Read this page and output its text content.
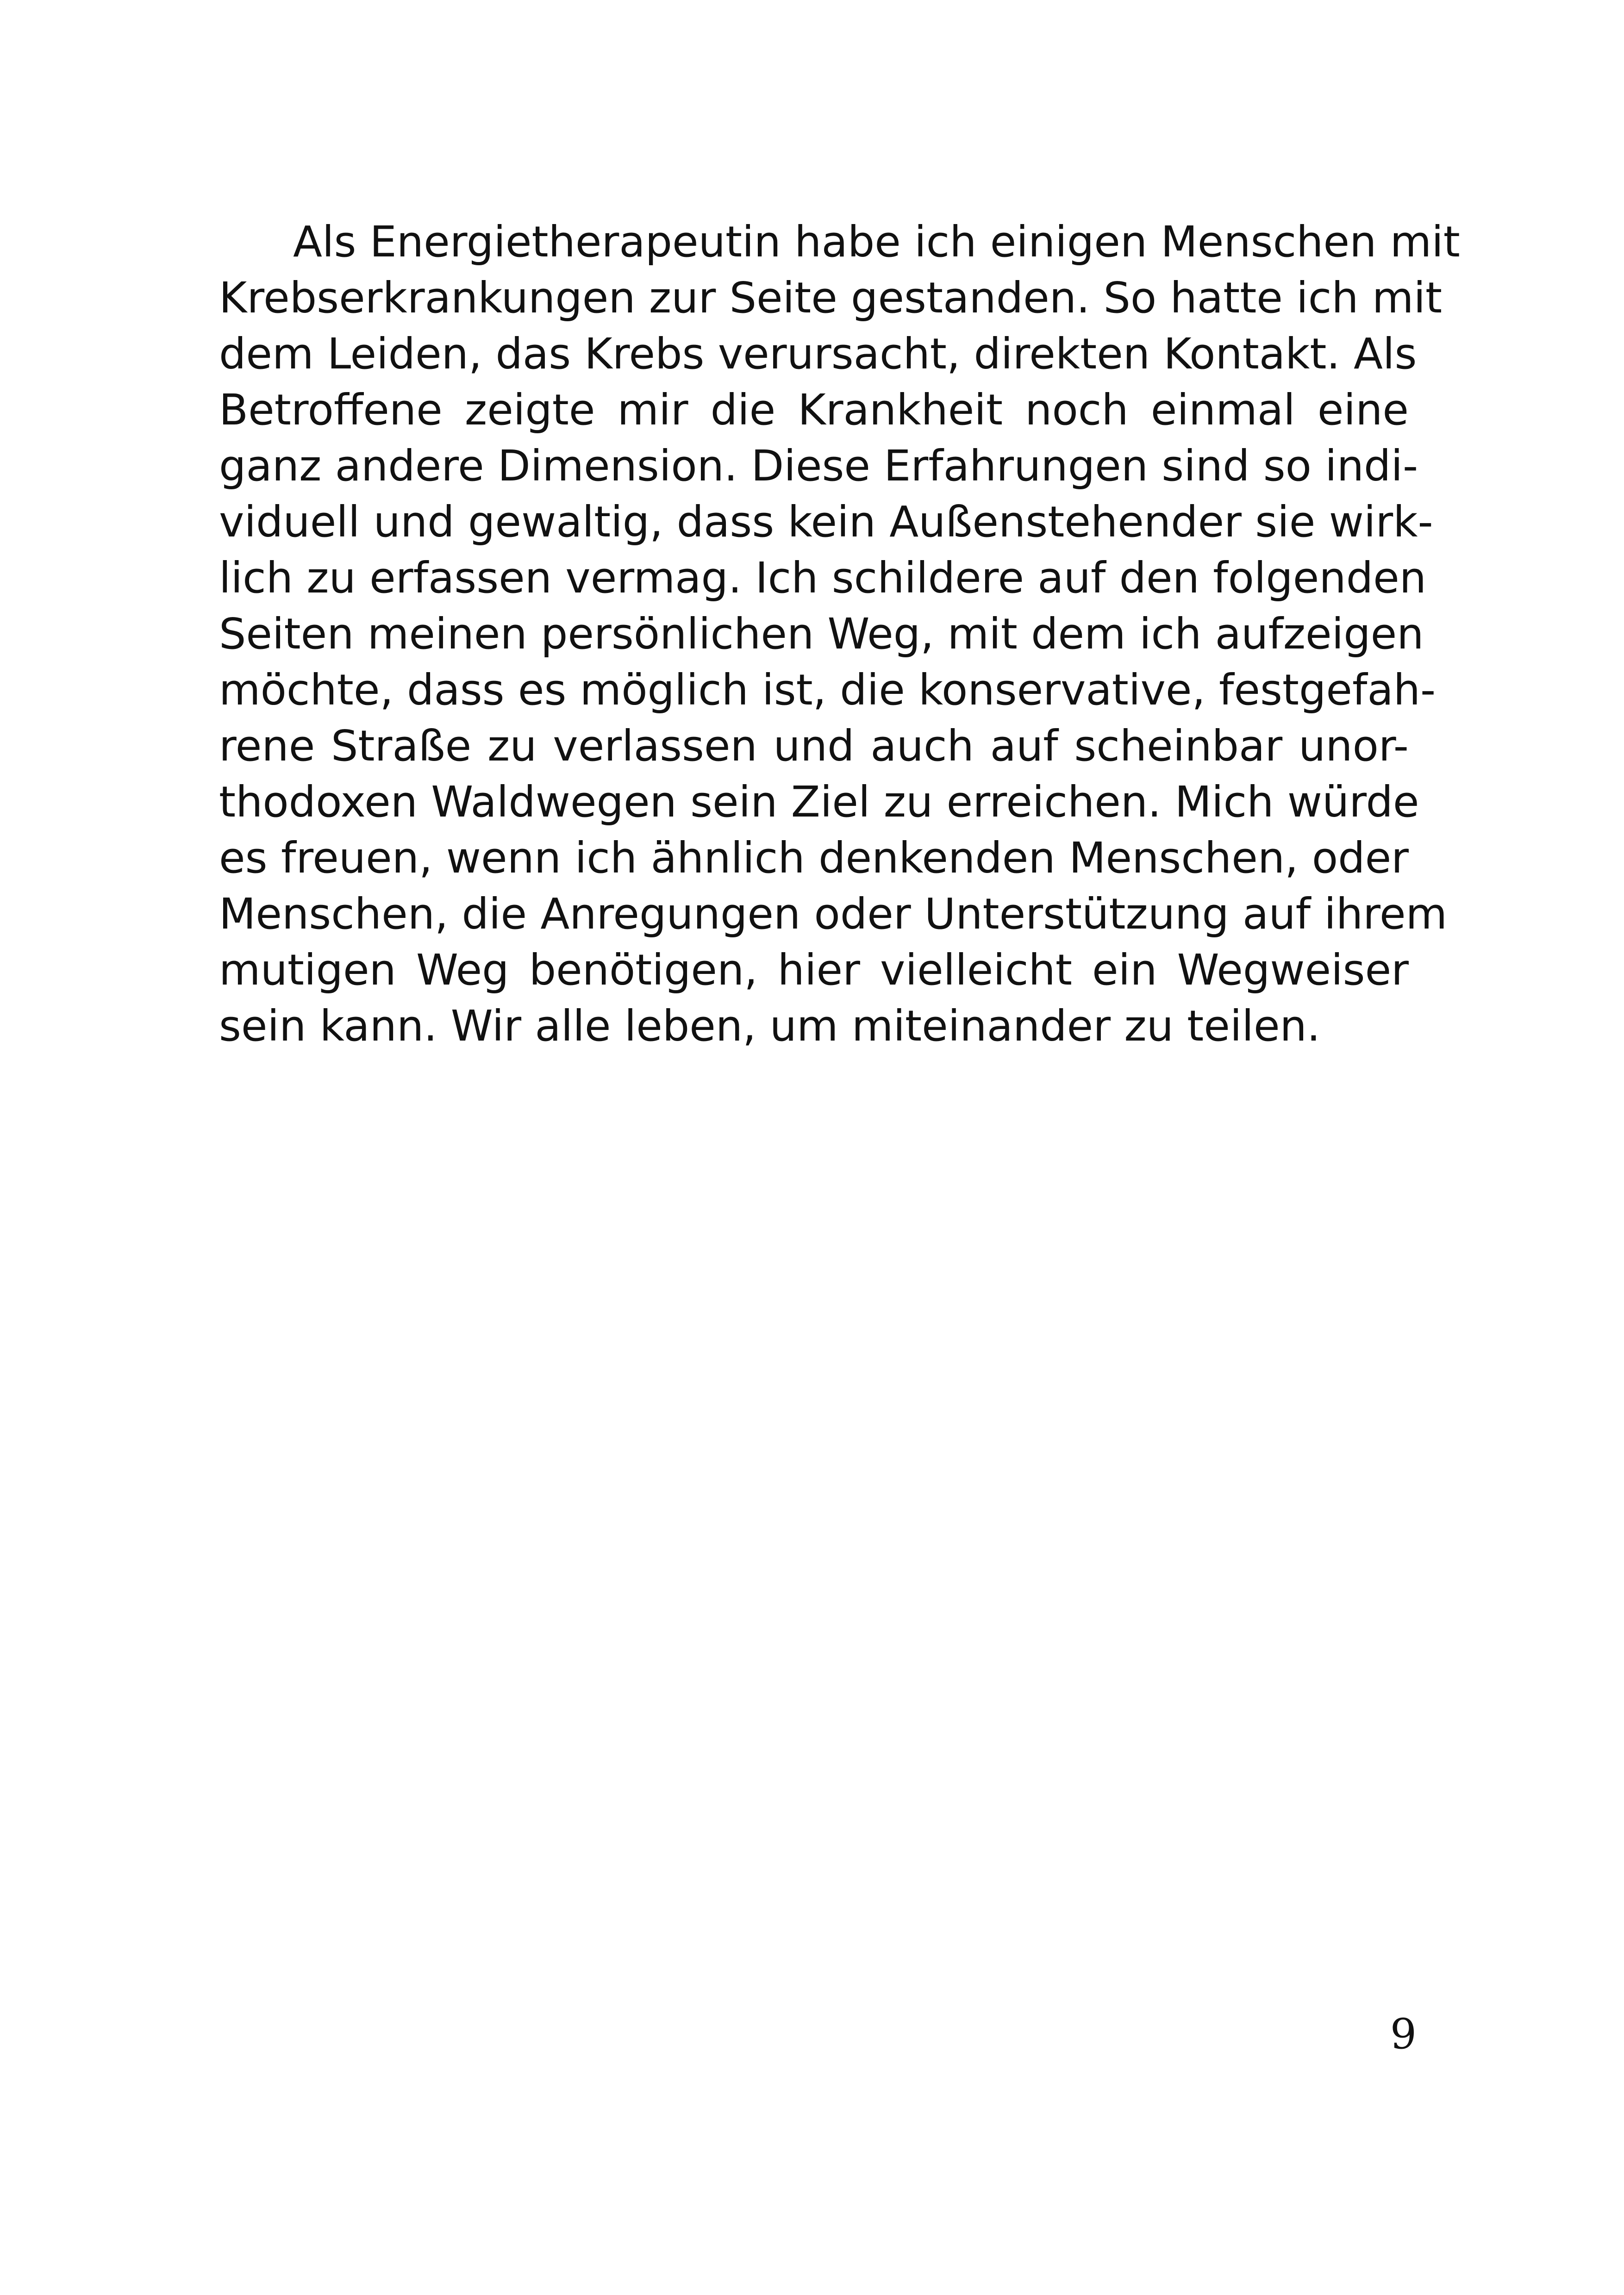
Als Energietherapeutin habe ich einigen Menschen mit
Krebserkrankungen zur Seite gestanden. So hatte ich mit
dem Leiden, das Krebs verursacht, direkten Kontakt. Als
Betroffene zeigte mir die Krankheit noch einmal eine
ganz andere Dimension. Diese Erfahrungen sind so indi-
viduell und gewaltig, dass kein Außenstehender sie wirk-
lich zu erfassen vermag. Ich schildere auf den folgenden
Seiten meinen persönlichen Weg, mit dem ich aufzeigen
möchte, dass es möglich ist, die konservative, festgefah-
rene Straße zu verlassen und auch auf scheinbar unor-
thodoxen Waldwegen sein Ziel zu erreichen. Mich würde
es freuen, wenn ich ähnlich denkenden Menschen, oder
Menschen, die Anregungen oder Unterstützung auf ihrem
mutigen Weg benötigen, hier vielleicht ein Wegweiser
sein kann. Wir alle leben, um miteinander zu teilen.
9
